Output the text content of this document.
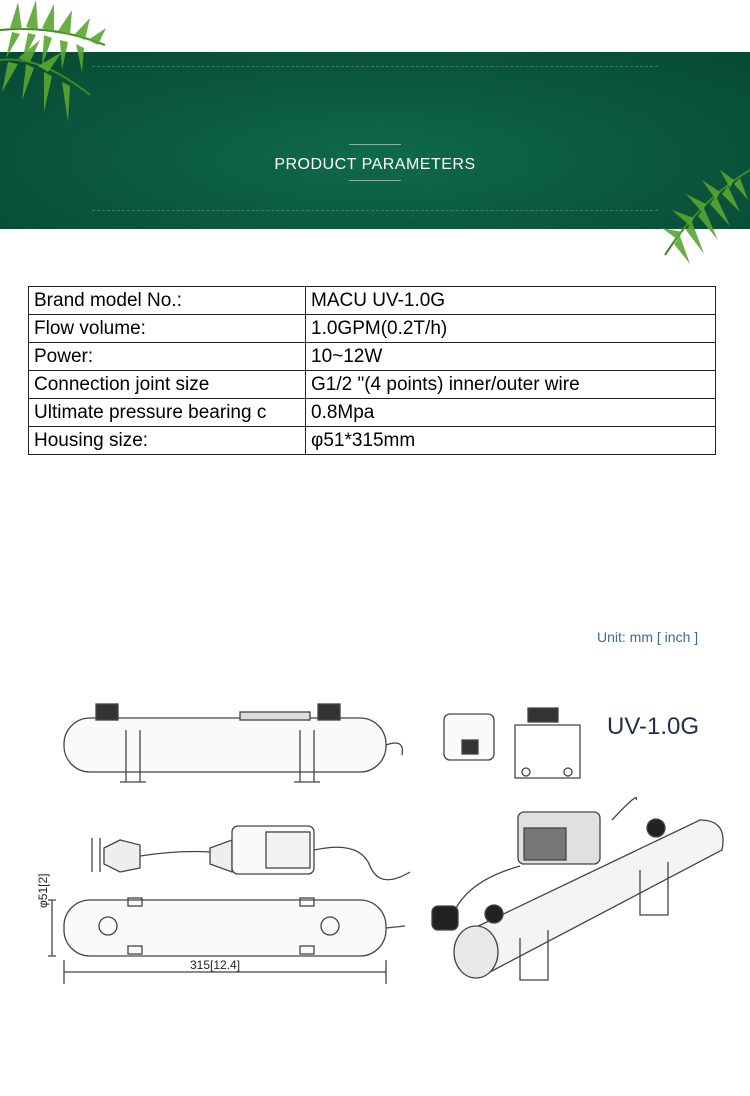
PRODUCT PARAMETERS
Brand model No.:	MACU UV-1.0G
Flow volume:	1.0GPM(0.2T/h)
Power:	10~12W
Connection joint size	G1/2 "(4 points) inner/outer wire
Ultimate pressure bearing c	0.8Mpa
Housing size:	φ51*315mm
Unit: mm [ inch ]
UV-1.0G
φ51[2]
315[12.4]
